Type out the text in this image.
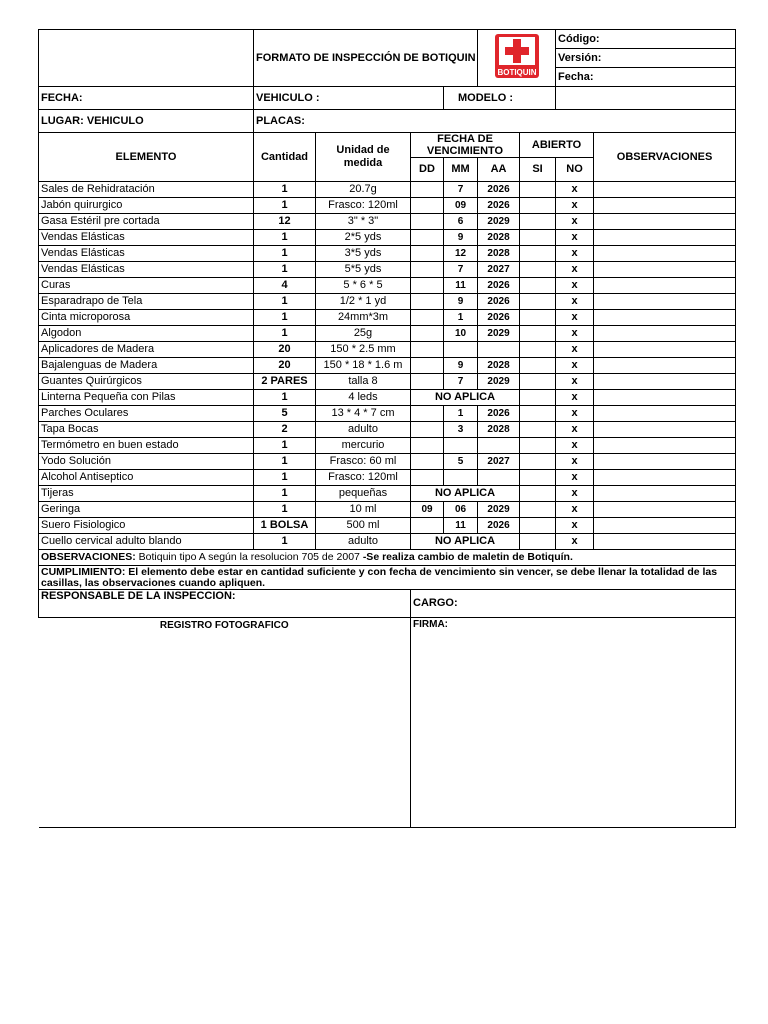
	FORMATO DE INSPECCIÓN DE BOTIQUIN				BOTIQUIN		Código:	
							Versión:	
							Fecha:	
FECHA:	VEHICULO :			MODELO :				
LUGAR: VEHICULO	PLACAS:							
ELEMENTO	Cantidad	Unidad de medida	FECHA DE VENCIMIENTO			ABIERTO		OBSERVACIONES
			DD	MM	AA	SI	NO	
Sales de Rehidratación	1	20.7g		7	2026		x	
Jabón quirurgico	1	Frasco: 120ml		09	2026		x	
Gasa Estéril pre cortada	12	3" * 3"		6	2029		x	
Vendas Elásticas	1	2*5 yds		9	2028		x	
Vendas Elásticas	1	3*5 yds		12	2028		x	
Vendas Elásticas	1	5*5 yds		7	2027		x	
Curas	4	5 * 6 * 5		11	2026		x	
Esparadrapo de Tela	1	1/2 * 1 yd		9	2026		x	
Cinta microporosa	1	24mm*3m		1	2026		x	
Algodon	1	25g		10	2029		x	
Aplicadores de Madera	20	150 * 2.5 mm					x	
Bajalenguas de Madera	20	150 * 18 * 1.6 m		9	2028		x	
Guantes Quirúrgicos	2 PARES	talla 8		7	2029		x	
Linterna Pequeña con Pilas	1	4 leds	NO APLICA				x	
Parches Oculares	5	13 * 4 * 7 cm		1	2026		x	
Tapa Bocas	2	adulto		3	2028		x	
Termómetro en buen estado	1	mercurio					x	
Yodo Solución	1	Frasco: 60 ml		5	2027		x	
Alcohol Antiseptico	1	Frasco: 120ml					x	
Tijeras	1	pequeñas	NO APLICA				x	
Geringa	1	10 ml	09	06	2029		x	
Suero Fisiologico	1 BOLSA	500 ml		11	2026		x	
Cuello cervical adulto blando	1	adulto	NO APLICA				x	
OBSERVACIONES: Botiquin tipo A según la resolucion 705 de 2007 -Se realiza cambio de maletin de Botiquín.								
CUMPLIMIENTO: El elemento debe estar en cantidad suficiente y con fecha de vencimiento sin vencer, se debe llenar la totalidad de las casillas, las observaciones cuando apliquen.								
RESPONSABLE DE LA INSPECCION:			CARGO:					
REGISTRO FOTOGRAFICO			FIRMA:					
